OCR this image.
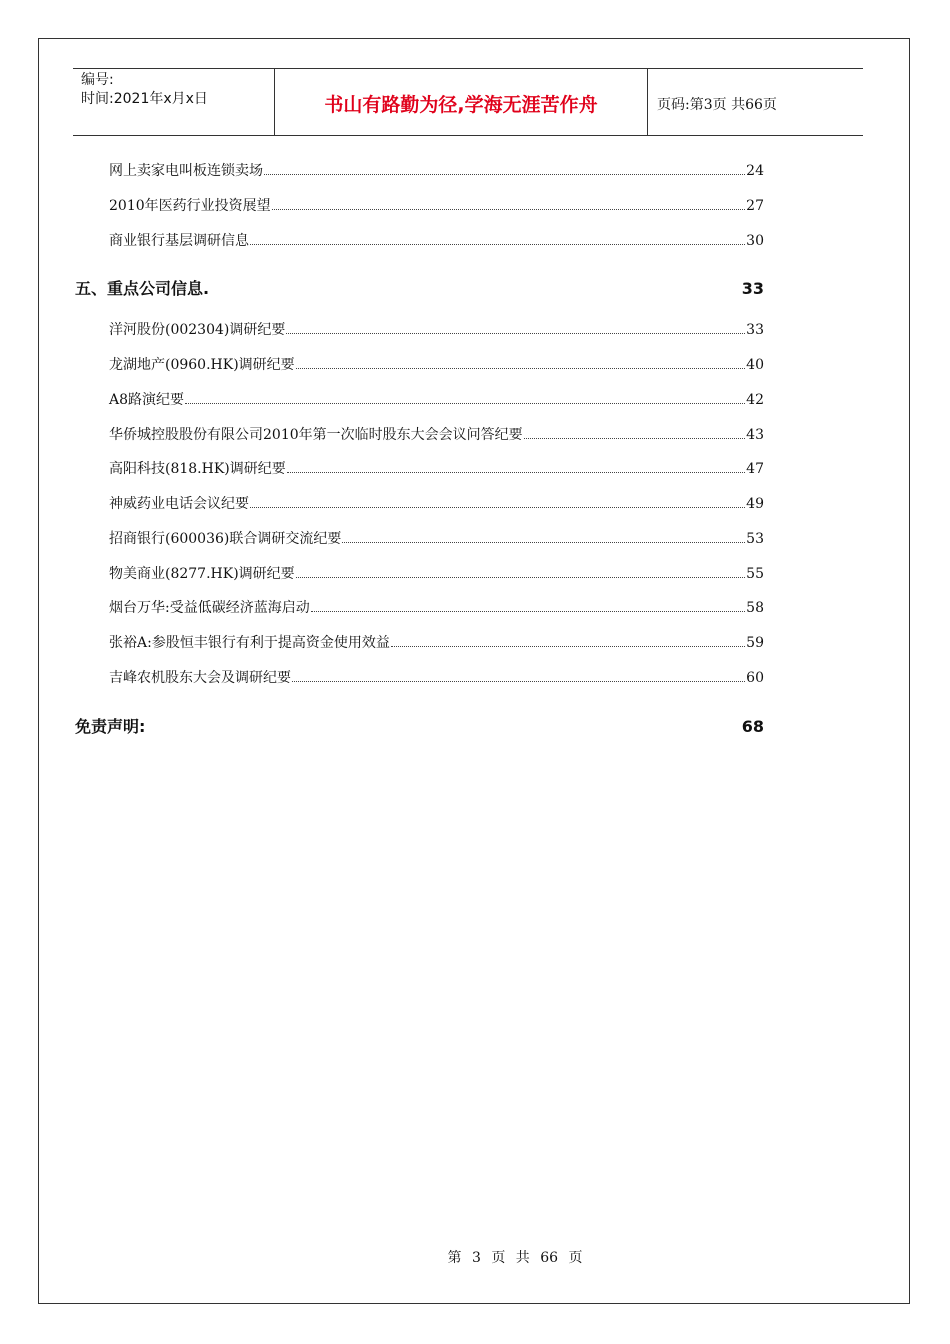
编号:
时间:2021年x月x日	书山有路勤为径,学海无涯苦作舟	页码:第3页 共66页
网上卖家电叫板连锁卖场	24
2010年医药行业投资展望	27
商业银行基层调研信息	30
五、重点公司信息.	33
洋河股份(002304)调研纪要	33
龙湖地产(0960.HK)调研纪要	40
A8路演纪要	42
华侨城控股股份有限公司2010年第一次临时股东大会会议问答纪要	43
高阳科技(818.HK)调研纪要	47
神威药业电话会议纪要	49
招商银行(600036)联合调研交流纪要	53
物美商业(8277.HK)调研纪要	55
烟台万华:受益低碳经济蓝海启动	58
张裕A:参股恒丰银行有利于提高资金使用效益	59
吉峰农机股东大会及调研纪要	60
免责声明:	68
第 3 页 共 66 页
